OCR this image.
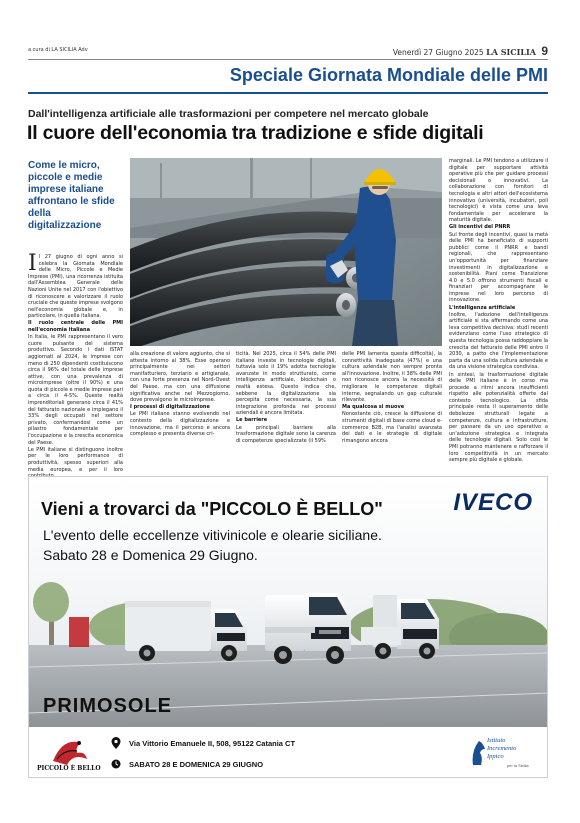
a cura di LA SICILIA Adv	Venerdì 27 Giugno 2025 LA SICILIA 9
Speciale Giornata Mondiale delle PMI
Dall'intelligenza artificiale alle trasformazioni per competere nel mercato globale
Il cuore dell'economia tra tradizione e sfide digitali
Come le micro, piccole e medie imprese italiane affrontano le sfide della digitalizzazione

Il 27 giugno di ogni anno si celebra la Giornata Mondiale delle Micro, Piccole e Medie Imprese (PMI), una ricorrenza istituita dall'Assemblea Generale delle Nazioni Unite nel 2017 con l'obiettivo di riconoscere e valorizzare il ruolo cruciale che queste imprese svolgono nell'economia globale e, in particolare, in quella italiana.

Il ruolo centrale delle PMI nell'economia italiana

In Italia, le PMI rappresentano il vero cuore pulsante del sistema produttivo. Secondo i dati ISTAT aggiornati al 2024, le imprese con meno di 250 dipendenti costituiscono circa il 96% del totale delle imprese attive, con una prevalenza di microimprese (oltre il 90%) e una quota di piccole e medie imprese pari a circa il 4-5%. Queste realtà imprenditoriali generano circa il 41% del fatturato nazionale e impiegano il 33% degli occupati nel settore privato, confermandosi come un pilastro fondamentale per l'occupazione e la crescita economica del Paese.

Le PMI italiane si distinguono inoltre per le loro performance di produttività, spesso superiori alla media europea, e per il loro

alla creazione di valore aggiunto, che si attesta intorno al 38%. Esse operano principalmente nei settori manifatturiero, terziario e artigianale, con una forte presenza nel Nord-Ovest del Paese, ma con una diffusione significativa anche nel Mezzogiorno, dove prevalgono le microimprese.

I processi di digitalizzazione

Le PMI italiane stanno evolvendo nel contesto della digitalizzazione e innovazione, ma il percorso è ancora complesso e presenta diverse cri-

ticità. Nel 2025, circa il 54% delle PMI italiane investe in tecnologie digitali, tuttavia solo il 19% adotta tecnologie avanzate in modo strutturato, come intelligenza artificiale, blockchain o realtà estesa. Questo indica che, sebbene la digitalizzazione sia percepita come necessaria, la sua integrazione profonda nei processi aziendali è ancora limitata.

Le barriere

Le principali barriere alla trasformazione digitale sono la carenza di competenze specializzate (il 59%

delle PMI lamenta questa difficoltà), la connettività inadeguata (47%) e una cultura aziendale non sempre pronta all'innovazione. Inoltre, il 38% delle PMI non riconosce ancora la necessità di migliorare le competenze digitali interne, segnalando un gap culturale rilevante.

Ma qualcosa si muove

Nonostante ciò, cresce la diffusione di strumenti digitali di base come cloud e-commerce B2B, ma l'analisi avanzata dei dati e le strategie di digitale rimangono ancora

marginali. Le PMI tendono a utilizzare il digitale per supportare attività operative più che per guidare processi decisionali o innovativi. La collaborazione con fornitori di tecnologia e altri attori dell'ecosistema innovativo (università, incubatori, poli tecnologici) è vista come una leva fondamentale per accelerare la maturità digitale.

Gli incentivi del PNRR

Sul fronte degli incentivi, quasi la metà delle PMI ha beneficiato di supporti pubblici come il PNRR e bandi regionali, che rappresentano un'opportunità per finanziare investimenti in digitalizzazione e sostenibilità. Piani come Transizione 4.0 e 5.0 offrono strumenti fiscali e finanziari per accompagnare le imprese nel loro percorso di innovazione.

L'intelligenza artificiale

Inoltre, l'adozione dell'intelligenza artificiale si sta affermando come una leva competitiva decisiva: studi recenti evidenziano come l'uso strategico di questa tecnologia possa raddoppiare la crescita del fatturato delle PMI entro il 2030, a patto che l'implementazione parta da una solida cultura aziendale e da una visione strategica condivisa.

In sintesi, la trasformazione digitale delle PMI italiane è in corso ma procede a ritmi ancora insufficienti rispetto alle potenzialità offerte dal contesto tecnologico. La sfida principale resta il superamento delle debolezze strutturali legate a competenze, cultura e infrastrutture, per passare da un uso operativo a un'adozione strategica e integrata delle tecnologie digitali. Solo così le PMI potranno mantenere e rafforzare il loro competitività in un mercato sempre più digitale e globale.

Vieni a trovarci da "PICCOLO È BELLO"
L'evento delle eccellenze vitivinicole e olearie siciliane.
Sabato 28 e Domenica 29 Giugno.
IVECO
PRIMOSOLE
PICCOLO È BELLO
Via Vittorio Emanuele II, 508, 95122 Catania CT
SABATO 28 E DOMENICA 29 GIUGNO
Istituto
Incremento
Ippico
per la Sicilia
